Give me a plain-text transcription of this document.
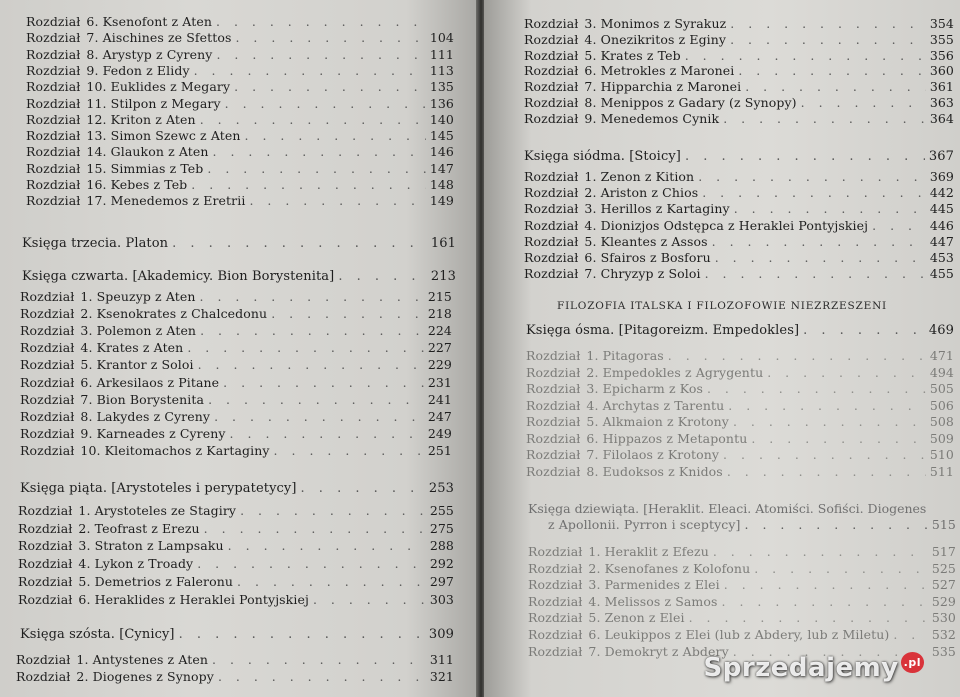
Rozdział 6. Ksenofont z Aten
. . .
Rozdział 7. Aischines ze Sfettos . . .	104
Rozdział 8. Arystyp z Cyreny . . .	111
Rozdział 9. Fedon z Elidy . . .	113
Rozdział 10. Euklides z Megary . . .	135
Rozdział 11. Stilpon z Megary . . .	136
Rozdział 12. Kriton z Aten . . .	140
Rozdział 13. Simon Szewc z Aten . . .	145
Rozdział 14. Glaukon z Aten . . .	146
Rozdział 15. Simmias z Teb . . .	147
Rozdział 16. Kebes z Teb . . .	148
Rozdział 17. Menedemos z Eretrii . . .	149
Księga trzecia. Platon . . .	161
Księga czwarta. [Akademicy. Bion Borystenita] . . .	213
Rozdział 1. Speuzyp z Aten . . .	215
Rozdział 2. Ksenokrates z Chalcedonu . . .	218
Rozdział 3. Polemon z Aten . . .	224
Rozdział 4. Krates z Aten . . .	227
Rozdział 5. Krantor z Soloi . . .	229
Rozdział 6. Arkesilaos z Pitane . . .	231
Rozdział 7. Bion Borystenita . . .	241
Rozdział 8. Lakydes z Cyreny . . .	247
Rozdział 9. Karneades z Cyreny . . .	249
Rozdział 10. Kleitomachos z Kartaginy . . .	251
Księga piąta. [Arystoteles i perypatetycy] . . .	253
Rozdział 1. Arystoteles ze Stagiry . . .	255
Rozdział 2. Teofrast z Erezu . . .	275
Rozdział 3. Straton z Lampsaku . . .	288
Rozdział 4. Lykon z Troady . . .	292
Rozdział 5. Demetrios z Faleronu . . .	297
Rozdział 6. Heraklides z Heraklei Pontyjskiej . . .	303
Księga szósta. [Cynicy] . . .	309
Rozdział 1. Antystenes z Aten . . .	311
Rozdział 2. Diogenes z Synopy . . .	321
Rozdział 3. Monimos z Syrakuz . . .	354
Rozdział 4. Onezikritos z Eginy . . .	355
Rozdział 5. Krates z Teb . . .	356
Rozdział 6. Metrokles z Maronei . . .	360
Rozdział 7. Hipparchia z Maronei . . .	361
Rozdział 8. Menippos z Gadary (z Synopy) . . .	363
Rozdział 9. Menedemos Cynik . . .	364
Księga siódma. [Stoicy] . . .	367
Rozdział 1. Zenon z Kition . . .	369
Rozdział 2. Ariston z Chios . . .	442
Rozdział 3. Herillos z Kartaginy . . .	445
Rozdział 4. Dionizjos Odstępca z Heraklei Pontyjskiej . . .	446
Rozdział 5. Kleantes z Assos . . .	447
Rozdział 6. Sfairos z Bosforu . . .	453
Rozdział 7. Chryzyp z Soloi . . .	455
FILOZOFIA ITALSKA I FILOZOFOWIE NIEZRZESZENI
Księga ósma. [Pitagoreizm. Empedokles] . . .	469
Rozdział 1. Pitagoras . . .	471
Rozdział 2. Empedokles z Agrygentu . . .	494
Rozdział 3. Epicharm z Kos . . .	505
Rozdział 4. Archytas z Tarentu . . .	506
Rozdział 5. Alkmaion z Krotony . . .	508
Rozdział 6. Hippazos z Metapontu . . .	509
Rozdział 7. Filolaos z Krotony . . .	510
Rozdział 8. Eudoksos z Knidos . . .	511
Księga dziewiąta. [Heraklit. Eleaci. Atomiści. Sofiści. Diogenes
z Apollonii. Pyrron i sceptycy] . . .	515
Rozdział 1. Heraklit z Efezu . . .	517
Rozdział 2. Ksenofanes z Kolofonu . . .	525
Rozdział 3. Parmenides z Elei . . .	527
Rozdział 4. Melissos z Samos . . .	529
Rozdział 5. Zenon z Elei . . .	530
Rozdział 6. Leukippos z Elei (lub z Abdery, lub z Miletu) . . .	532
Rozdział 7. Demokryt z Abdery . . .	535
Sprzedajemy $^{.pl}$
